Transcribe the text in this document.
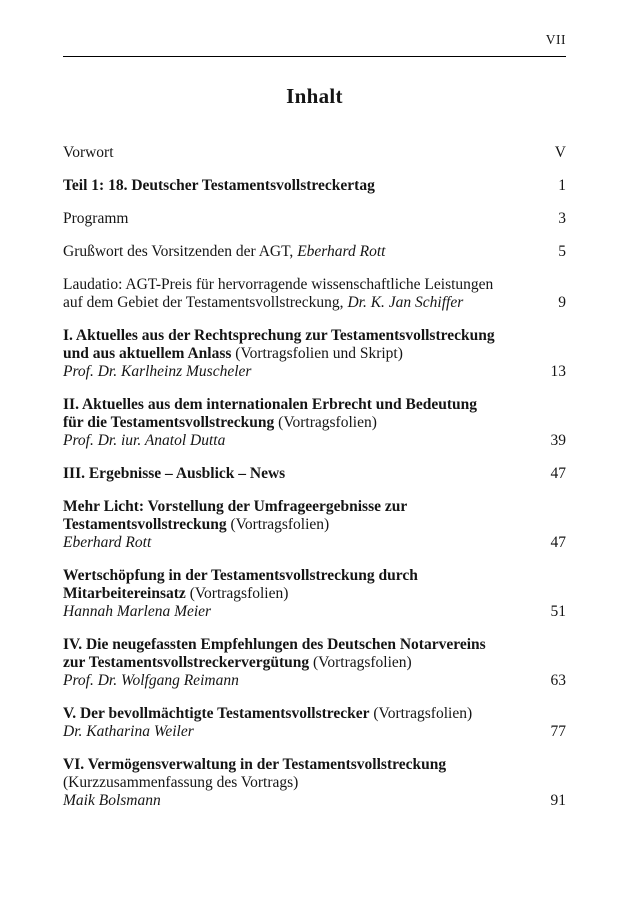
VII
Inhalt
Vorwort	V
Teil 1: 18. Deutscher Testamentsvollstreckertag	1
Programm	3
Grußwort des Vorsitzenden der AGT, Eberhard Rott	5
Laudatio: AGT-Preis für hervorragende wissenschaftliche Leistungen
auf dem Gebiet der Testamentsvollstreckung, Dr. K. Jan Schiffer	9
I. Aktuelles aus der Rechtsprechung zur Testamentsvollstreckung
und aus aktuellem Anlass (Vortragsfolien und Skript)
Prof. Dr. Karlheinz Muscheler	13
II. Aktuelles aus dem internationalen Erbrecht und Bedeutung
für die Testamentsvollstreckung (Vortragsfolien)
Prof. Dr. iur. Anatol Dutta	39
III. Ergebnisse – Ausblick – News	47
Mehr Licht: Vorstellung der Umfrageergebnisse zur
Testamentsvollstreckung (Vortragsfolien)
Eberhard Rott	47
Wertschöpfung in der Testamentsvollstreckung durch
Mitarbeitereinsatz (Vortragsfolien)
Hannah Marlena Meier	51
IV. Die neugefassten Empfehlungen des Deutschen Notarvereins
zur Testamentsvollstreckervergütung (Vortragsfolien)
Prof. Dr. Wolfgang Reimann	63
V. Der bevollmächtigte Testamentsvollstrecker (Vortragsfolien)
Dr. Katharina Weiler	77
VI. Vermögensverwaltung in der Testamentsvollstreckung
(Kurzzusammenfassung des Vortrags)
Maik Bolsmann	91
